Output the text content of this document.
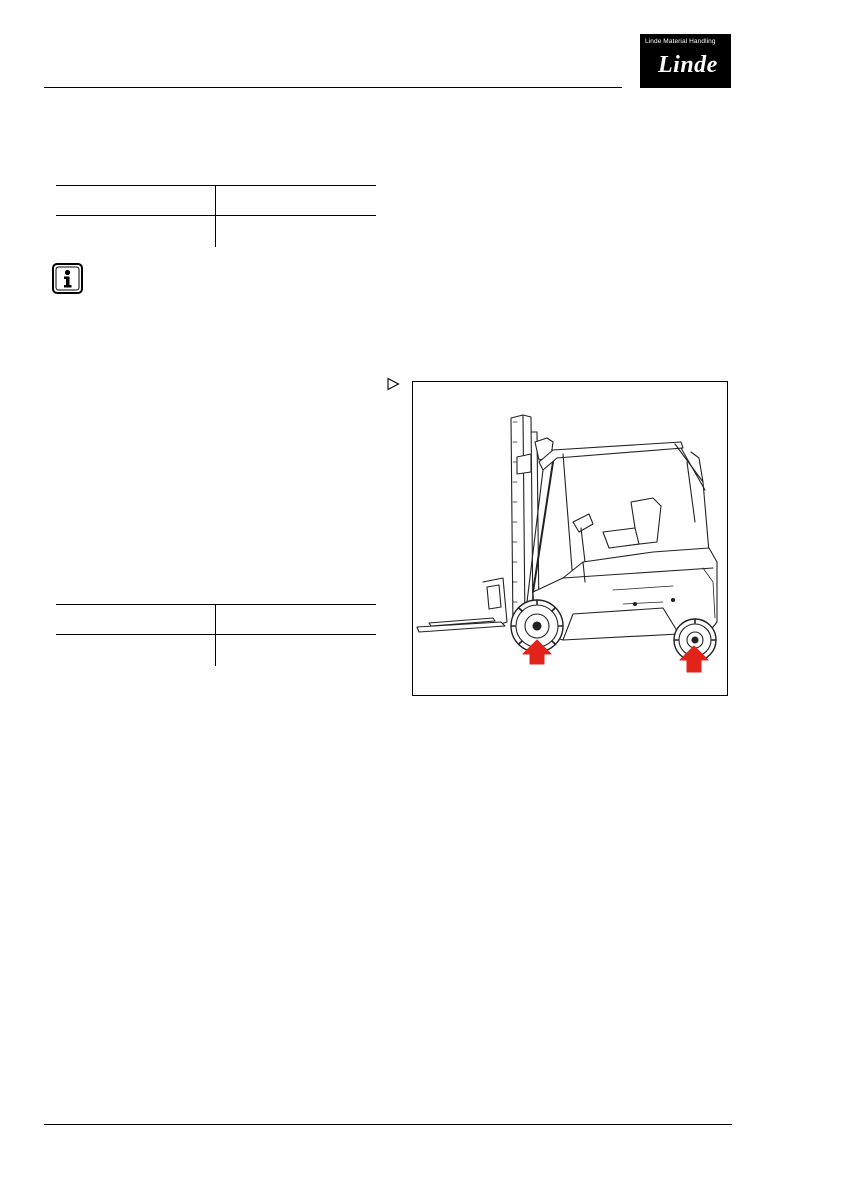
Linde Material Handling
Linde
